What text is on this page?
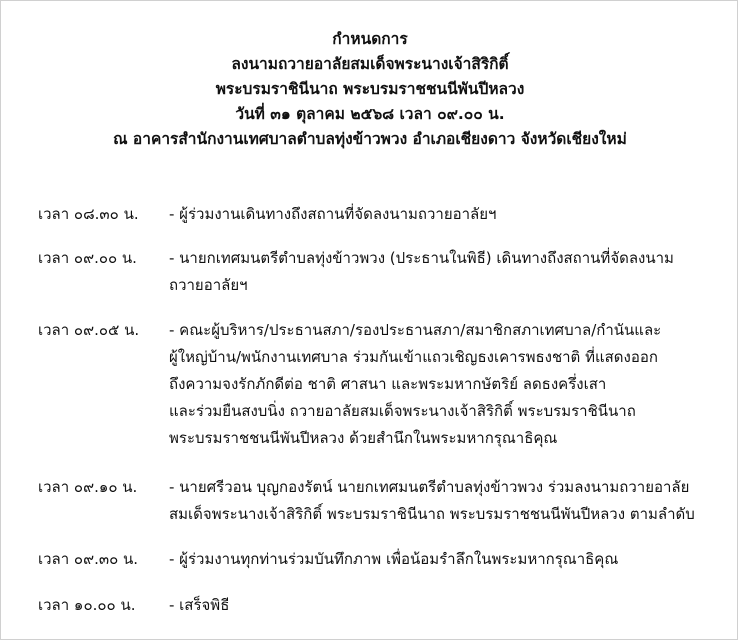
กำหนดการ
ลงนามถวายอาลัยสมเด็จพระนางเจ้าสิริกิติ์
พระบรมราชินีนาถ พระบรมราชชนนีพันปีหลวง
วันที่ ๓๑ ตุลาคม ๒๕๖๘ เวลา ๐๙.๐๐ น.
ณ อาคารสำนักงานเทศบาลตำบลทุ่งข้าวพวง อำเภอเชียงดาว จังหวัดเชียงใหม่
เวลา ๐๘.๓๐ น. - ผู้ร่วมงานเดินทางถึงสถานที่จัดลงนามถวายอาลัยฯ
เวลา ๐๙.๐๐ น. - นายกเทศมนตรีตำบลทุ่งข้าวพวง (ประธานในพิธี) เดินทางถึงสถานที่จัดลงนาม
ถวายอาลัยฯ
เวลา ๐๙.๐๕ น. - คณะผู้บริหาร/ประธานสภา/รองประธานสภา/สมาชิกสภาเทศบาล/กำนันและ
ผู้ใหญ่บ้าน/พนักงานเทศบาล ร่วมกันเข้าแถวเชิญธงเคารพธงชาติ ที่แสดงออก
ถึงความจงรักภักดีต่อ ชาติ ศาสนา และพระมหากษัตริย์ ลดธงครึ่งเสา
และร่วมยืนสงบนิ่ง ถวายอาลัยสมเด็จพระนางเจ้าสิริกิติ์ พระบรมราชินีนาถ
พระบรมราชชนนีพันปีหลวง ด้วยสำนึกในพระมหากรุณาธิคุณ
เวลา ๐๙.๑๐ น. - นายศรีวอน บุญกองรัตน์ นายกเทศมนตรีตำบลทุ่งข้าวพวง ร่วมลงนามถวายอาลัย
สมเด็จพระนางเจ้าสิริกิติ์ พระบรมราชินีนาถ พระบรมราชชนนีพันปีหลวง ตามลำดับ
เวลา ๐๙.๓๐ น. - ผู้ร่วมงานทุกท่านร่วมบันทึกภาพ เพื่อน้อมรำลึกในพระมหากรุณาธิคุณ
เวลา ๑๐.๐๐ น. - เสร็จพิธี
